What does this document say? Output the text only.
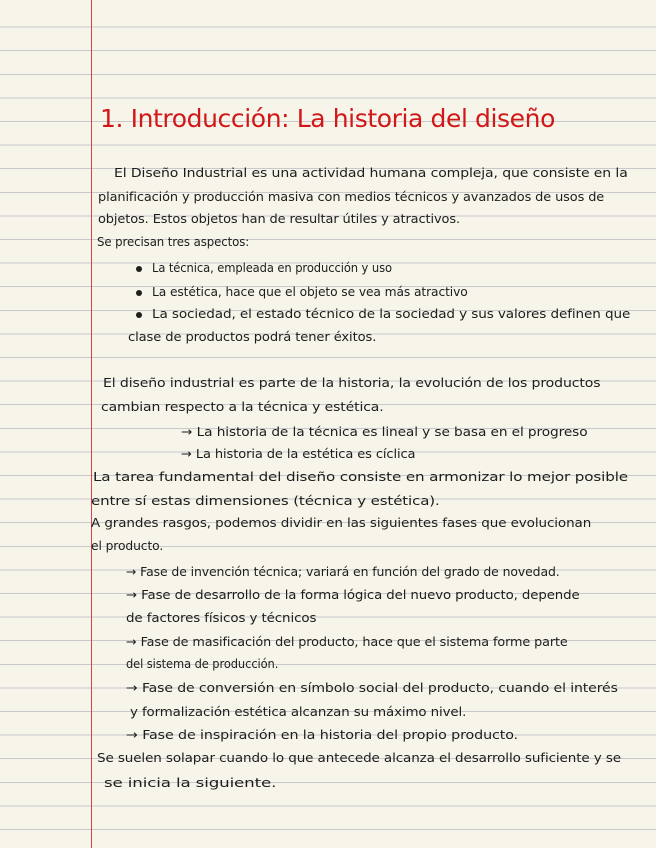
1. Introducción: La historia del diseño
El Diseño Industrial es una actividad humana compleja, que consiste en la
planificación y producción masiva con medios técnicos y avanzados de usos de
objetos. Estos objetos han de resultar útiles y atractivos.
Se precisan tres aspectos:
La técnica, empleada en producción y uso
La estética, hace que el objeto se vea más atractivo
La sociedad, el estado técnico de la sociedad y sus valores definen que
clase de productos podrá tener éxitos.
El diseño industrial es parte de la historia, la evolución de los productos
cambian respecto a la técnica y estética.
→ La historia de la técnica es lineal y se basa en el progreso
→ La historia de la estética es cíclica
La tarea fundamental del diseño consiste en armonizar lo mejor posible
entre sí estas dimensiones (técnica y estética).
A grandes rasgos, podemos dividir en las siguientes fases que evolucionan
el producto.
→ Fase de invención técnica; variará en función del grado de novedad.
→ Fase de desarrollo de la forma lógica del nuevo producto, depende
de factores físicos y técnicos
→ Fase de masificación del producto, hace que el sistema forme parte
del sistema de producción.
→ Fase de conversión en símbolo social del producto, cuando el interés
y formalización estética alcanzan su máximo nivel.
→ Fase de inspiración en la historia del propio producto.
Se suelen solapar cuando lo que antecede alcanza el desarrollo suficiente y se
se inicia la siguiente.
